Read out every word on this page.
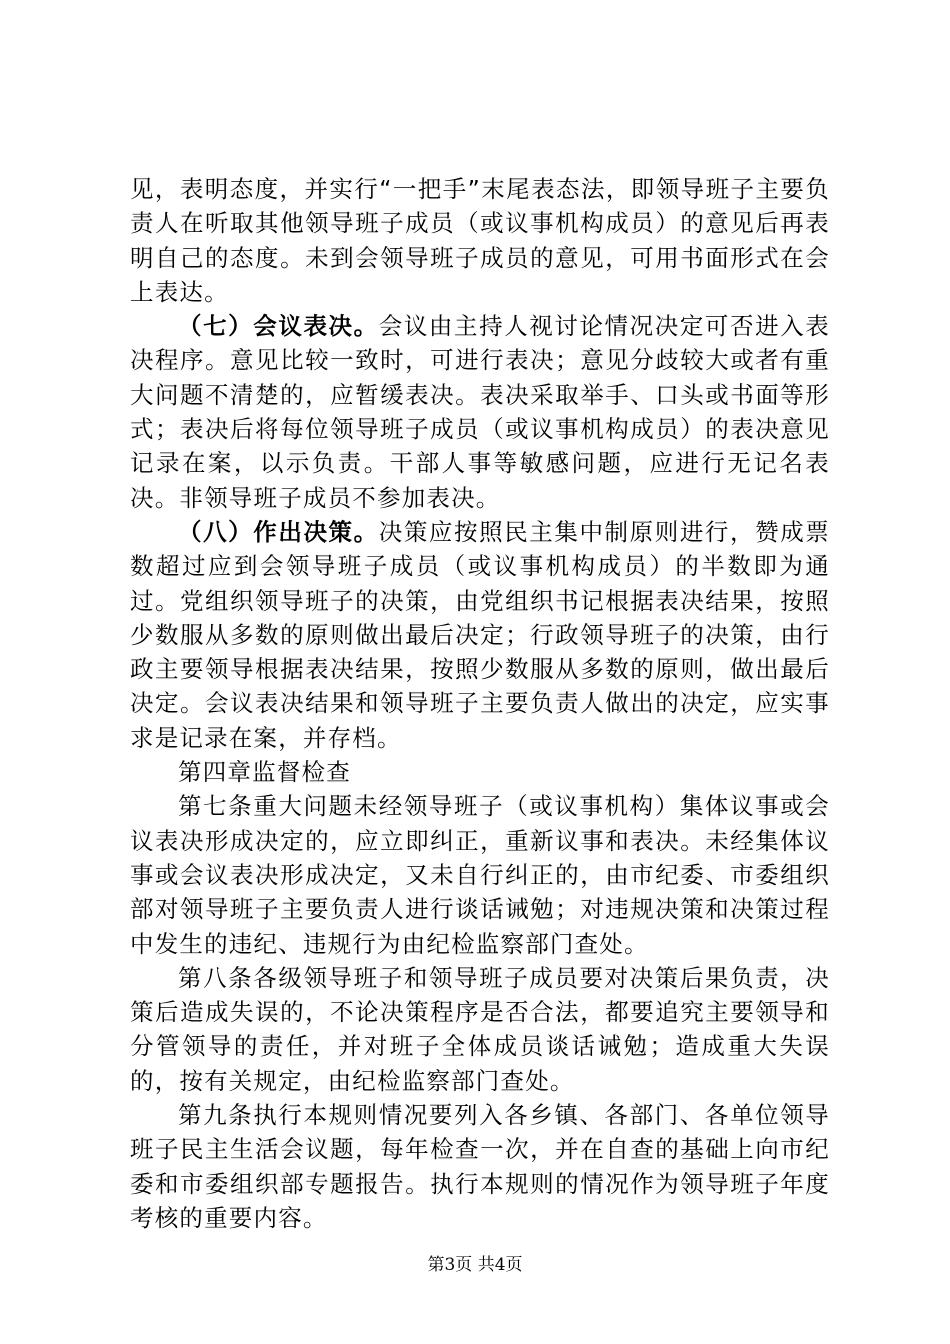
见，表明态度，并实行“一把手”末尾表态法，即领导班子主要负责人在听取其他领导班子成员（或议事机构成员）的意见后再表明自己的态度。未到会领导班子成员的意见，可用书面形式在会上表达。

（七）会议表决。会议由主持人视讨论情况决定可否进入表决程序。意见比较一致时，可进行表决；意见分歧较大或者有重大问题不清楚的，应暂缓表决。表决采取举手、口头或书面等形式；表决后将每位领导班子成员（或议事机构成员）的表决意见记录在案，以示负责。干部人事等敏感问题，应进行无记名表决。非领导班子成员不参加表决。

（八）作出决策。决策应按照民主集中制原则进行，赞成票数超过应到会领导班子成员（或议事机构成员）的半数即为通过。党组织领导班子的决策，由党组织书记根据表决结果，按照少数服从多数的原则做出最后决定；行政领导班子的决策，由行政主要领导根据表决结果，按照少数服从多数的原则，做出最后决定。会议表决结果和领导班子主要负责人做出的决定，应实事求是记录在案，并存档。

第四章监督检查

第七条重大问题未经领导班子（或议事机构）集体议事或会议表决形成决定的，应立即纠正，重新议事和表决。未经集体议事或会议表决形成决定，又未自行纠正的，由市纪委、市委组织部对领导班子主要负责人进行谈话诫勉；对违规决策和决策过程中发生的违纪、违规行为由纪检监察部门查处。

第八条各级领导班子和领导班子成员要对决策后果负责，决策后造成失误的，不论决策程序是否合法，都要追究主要领导和分管领导的责任，并对班子全体成员谈话诫勉；造成重大失误的，按有关规定，由纪检监察部门查处。

第九条执行本规则情况要列入各乡镇、各部门、各单位领导班子民主生活会议题，每年检查一次，并在自查的基础上向市纪委和市委组织部专题报告。执行本规则的情况作为领导班子年度考核的重要内容。

第3页 共4页
